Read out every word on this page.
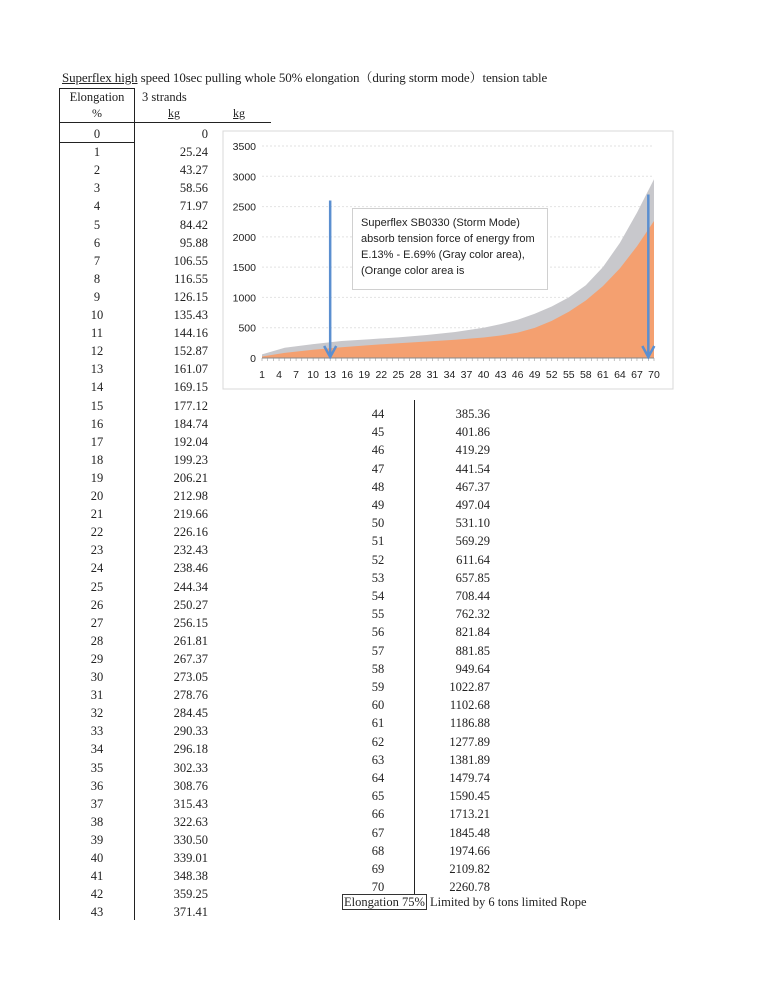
Superflex high speed 10sec pulling whole 50% elongation（during storm mode）tension table
Elongation
%
3 strands
kg	kg
0	0
1	25.24
2	43.27
3	58.56
4	71.97
5	84.42
6	95.88
7	106.55
8	116.55
9	126.15
10	135.43
11	144.16
12	152.87
13	161.07
14	169.15
15	177.12
16	184.74
17	192.04
18	199.23
19	206.21
20	212.98
21	219.66
22	226.16
23	232.43
24	238.46
25	244.34
26	250.27
27	256.15
28	261.81
29	267.37
30	273.05
31	278.76
32	284.45
33	290.33
34	296.18
35	302.33
36	308.76
37	315.43
38	322.63
39	330.50
40	339.01
41	348.38
42	359.25
43	371.41
44	385.36
45	401.86
46	419.29
47	441.54
48	467.37
49	497.04
50	531.10
51	569.29
52	611.64
53	657.85
54	708.44
55	762.32
56	821.84
57	881.85
58	949.64
59	1022.87
60	1102.68
61	1186.88
62	1277.89
63	1381.89
64	1479.74
65	1590.45
66	1713.21
67	1845.48
68	1974.66
69	2109.82
70	2260.78
Elongation 75% Limited by 6 tons limited Rope
0
500
1000
1500
2000
2500
3000
3500
1 4 7 10 13 16 19 22 25 28 31 34 37 40 43 46 49 52 55 58 61 64 67 70
Superflex SB0330 (Storm Mode) absorb tension force of energy from E.13% - E.69% (Gray color area), (Orange color area is
